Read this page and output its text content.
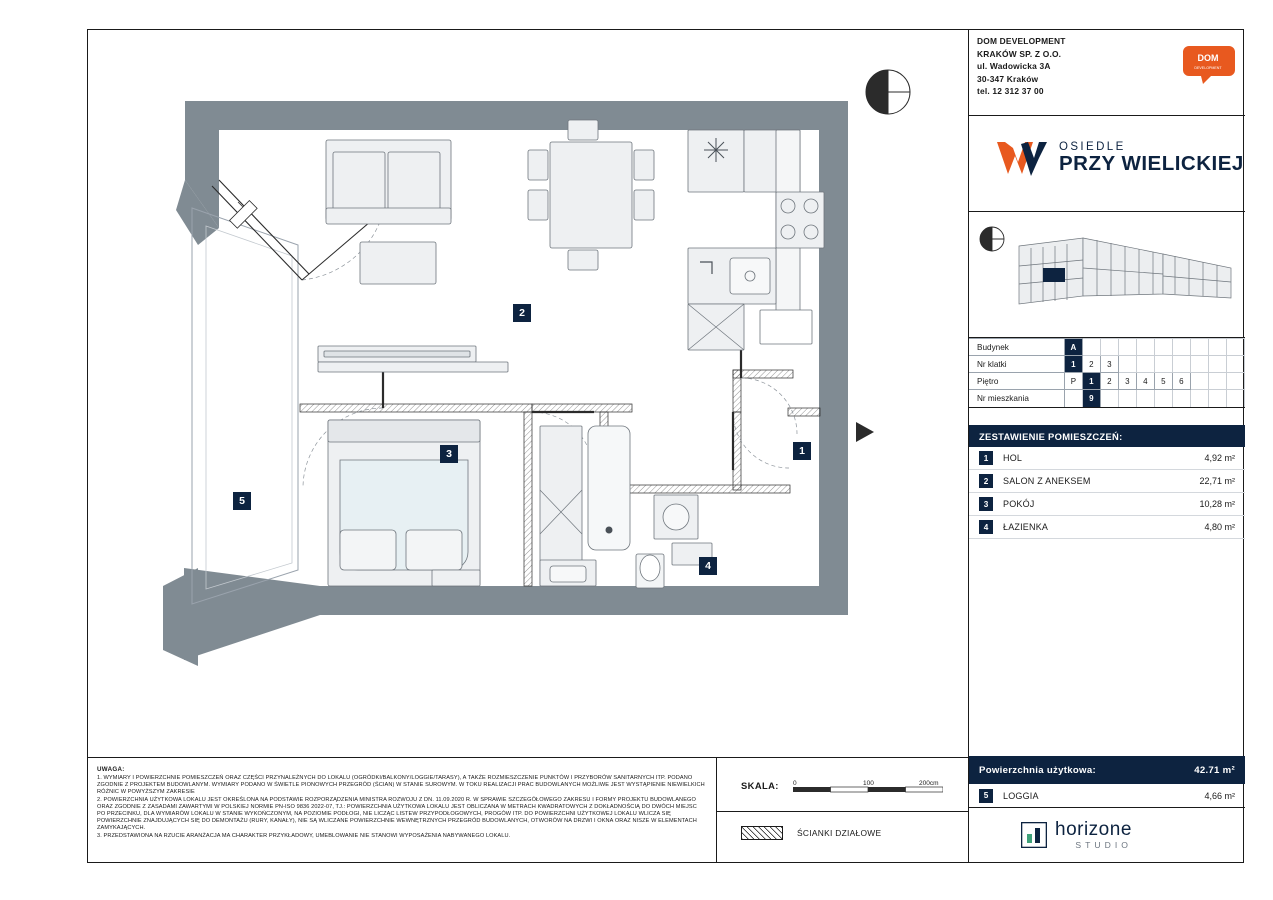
2
3	1
4
5
UWAGA:

1. WYMIARY I POWIERZCHNIE POMIESZCZEŃ ORAZ CZĘŚCI PRZYNALEŻNYCH DO LOKALU (OGRÓDKI/BALKONY/LOGGIE/TARASY), A TAKŻE ROZMIESZCZENIE PUNKTÓW I PRZYBORÓW SANITARNYCH ITP. PODANO ZGODNIE Z PROJEKTEM BUDOWLANYM. WYMIARY PODANO W ŚWIETLE PIONOWYCH PRZEGRÓD (ŚCIAN) W STANIE SUROWYM. W TOKU REALIZACJI PRAC BUDOWLANYCH MOŻLIWE JEST WYSTĄPIENIE NIEWIELKICH RÓŻNIC W POWYŻSZYM ZAKRESIE

2. POWIERZCHNIA UŻYTKOWA LOKALU JEST OKREŚLONA NA PODSTAWIE ROZPORZĄDZENIA MINISTRA ROZWOJU Z DN. 11.09.2020 R. W SPRAWIE SZCZEGÓŁOWEGO ZAKRESU I FORMY PROJEKTU BUDOWLANEGO ORAZ ZGODNIE Z ZASADAMI ZAWARTYMI W POLSKIEJ NORMIE PN-ISO 9836 2022-07, TJ.: POWIERZCHNIA UŻYTKOWA LOKALU JEST OBLICZANA W METRACH KWADRATOWYCH Z DOKŁADNOŚCIĄ DO DWÓCH MIEJSC PO PRZECINKU, DLA WYMIARÓW LOKALU W STANIE WYKOŃCZONYM, NA POZIOMIE PODŁOGI, NIE LICZĄC LISTEW PRZYPODŁOGOWYCH, PROGÓW ITP. DO POWIERZCHNI UŻYTKOWEJ LOKALU WLICZA SIĘ POWIERZCHNIE ZNAJDUJĄCYCH SIĘ DO DEMONTAŻU (RURY, KANAŁY), NIE SĄ WLICZANE POWIERZCHNIE WEWNĘTRZNYCH PRZEGRÓD BUDOWLANYCH, OTWORÓW NA DRZWI I OKNA ORAZ NISZE W ELEMENTACH ZAMYKAJĄCYCH.

3. PRZEDSTAWIONA NA RZUCIE ARANŻACJA MA CHARAKTER PRZYKŁADOWY, UMEBLOWANIE NIE STANOWI WYPOSAŻENIA NABYWANEGO LOKALU.

SKALA: 0	100	200cm
ŚCIANKI DZIAŁOWE
DOM DEVELOPMENT
KRAKÓW SP. Z O.O.
ul. Wadowicka 3A
30-347 Kraków
tel. 12 312 37 00
DOM
DEVELOPMENT
OSIEDLE
PRZY WIELICKIEJ
Budynek	A									
Nr klatki	1	2	3							
Piętro	P	1	2	3	4	5	6			
Nr mieszkania		9								
ZESTAWIENIE POMIESZCZEŃ:
1	HOL	4,92 m²
2	SALON Z ANEKSEM	22,71 m²
3	POKÓJ	10,28 m²
4	ŁAZIENKA	4,80 m²
Powierzchnia użytkowa:	42.71 m²
5	LOGGIA	4,66 m²
horizone
STUDIO
